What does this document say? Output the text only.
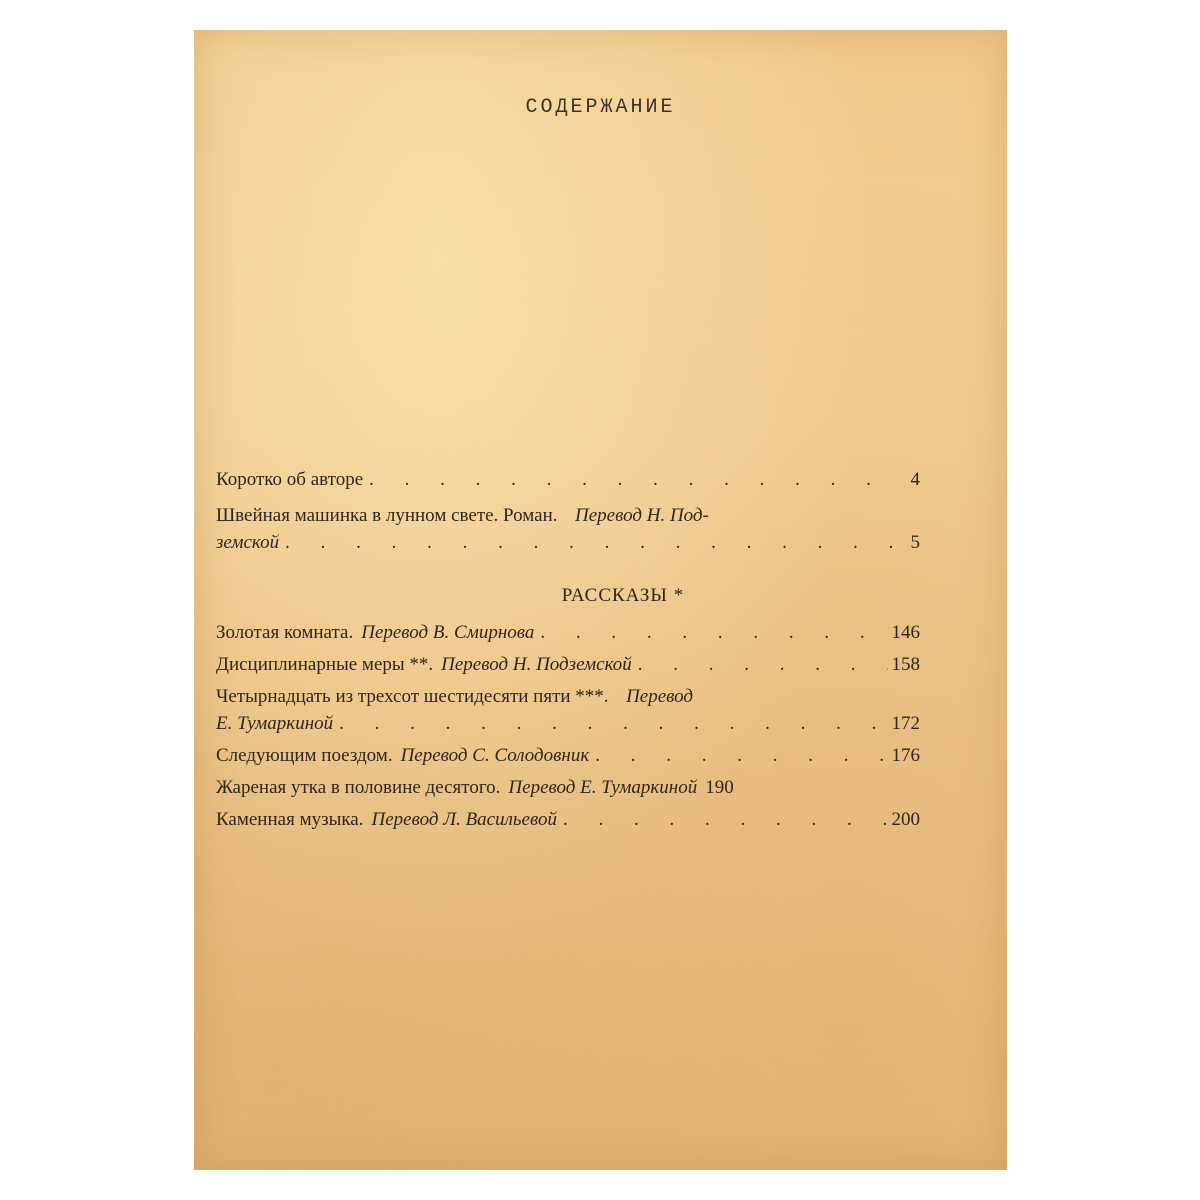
СОДЕРЖАНИЕ
Коротко об авторе . . .	4
Швейная машинка в лунном свете. Роман. Перевод Н. Под-
земской . . .	5
РАССКАЗЫ *
Золотая комната. Перевод В. Смирнова . . .	146
Дисциплинарные меры **. Перевод Н. Подземской . . .	158
Четырнадцать из трехсот шестидесяти пяти ***. Перевод
Е. Тумаркиной . . .	172
Следующим поездом. Перевод С. Солодовник . . .	176
Жареная утка в половине десятого. Перевод Е. Тумаркиной 190
Каменная музыка. Перевод Л. Васильевой . . .	200
